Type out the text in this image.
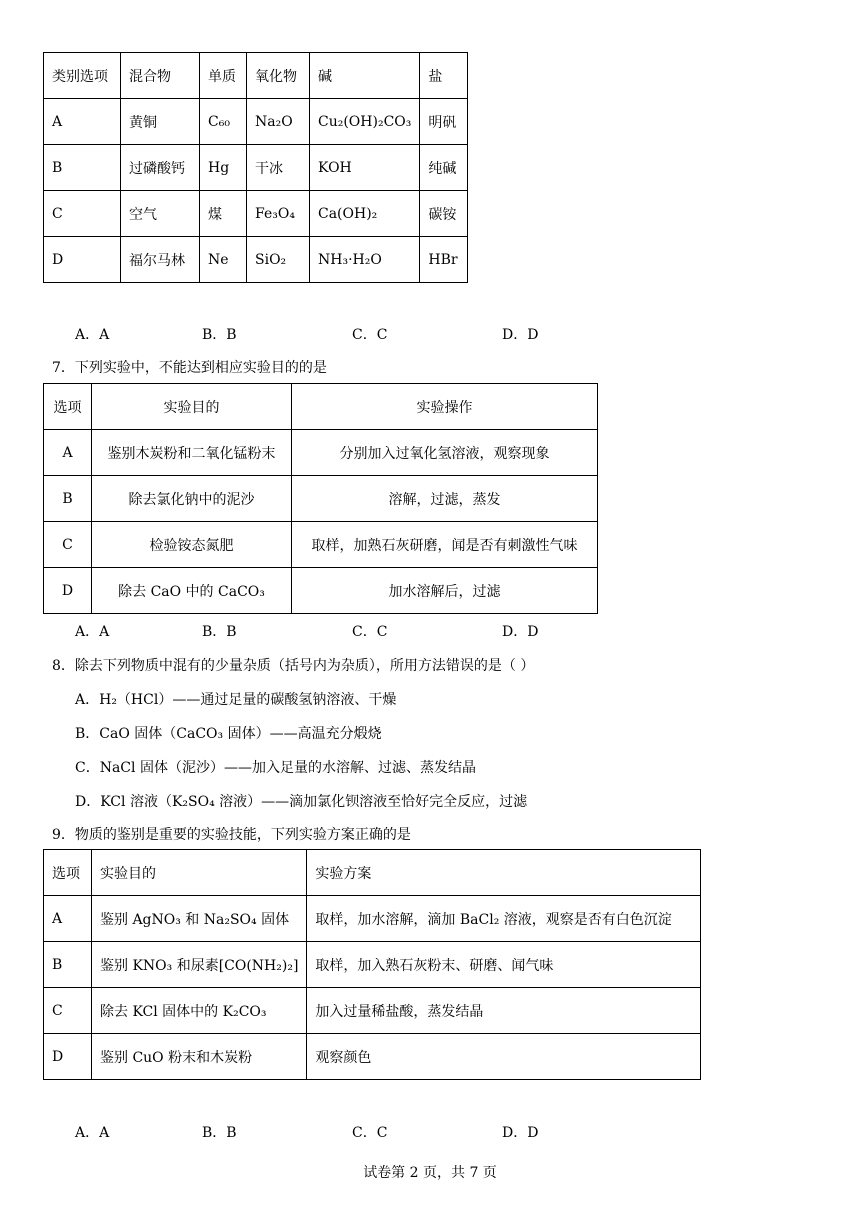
类别选项	混合物	单质	氧化物	碱	盐
A	黄铜	C₆₀	Na₂O	Cu₂(OH)₂CO₃	明矾
B	过磷酸钙	Hg	干冰	KOH	纯碱
C	空气	煤	Fe₃O₄	Ca(OH)₂	碳铵
D	福尔马林	Ne	SiO₂	NH₃·H₂O	HBr
A．A	B．B	C．C	D．D
7．下列实验中，不能达到相应实验目的的是
选项	实验目的	实验操作
A	鉴别木炭粉和二氧化锰粉末	分别加入过氧化氢溶液，观察现象
B	除去氯化钠中的泥沙	溶解，过滤，蒸发
C	检验铵态氮肥	取样，加熟石灰研磨，闻是否有刺激性气味
D	除去 CaO 中的 CaCO₃	加水溶解后，过滤
A．A	B．B	C．C	D．D
8．除去下列物质中混有的少量杂质（括号内为杂质），所用方法错误的是（ ）
A．H₂（HCl）——通过足量的碳酸氢钠溶液、干燥
B．CaO 固体（CaCO₃ 固体）——高温充分煅烧
C．NaCl 固体（泥沙）——加入足量的水溶解、过滤、蒸发结晶
D．KCl 溶液（K₂SO₄ 溶液）——滴加氯化钡溶液至恰好完全反应，过滤
9．物质的鉴别是重要的实验技能，下列实验方案正确的是
选项	实验目的	实验方案
A	鉴别 AgNO₃ 和 Na₂SO₄ 固体	取样，加水溶解，滴加 BaCl₂ 溶液，观察是否有白色沉淀
B	鉴别 KNO₃ 和尿素[CO(NH₂)₂]	取样，加入熟石灰粉末、研磨、闻气味
C	除去 KCl 固体中的 K₂CO₃	加入过量稀盐酸，蒸发结晶
D	鉴别 CuO 粉末和木炭粉	观察颜色
A．A	B．B	C．C	D．D
试卷第 2 页，共 7 页
